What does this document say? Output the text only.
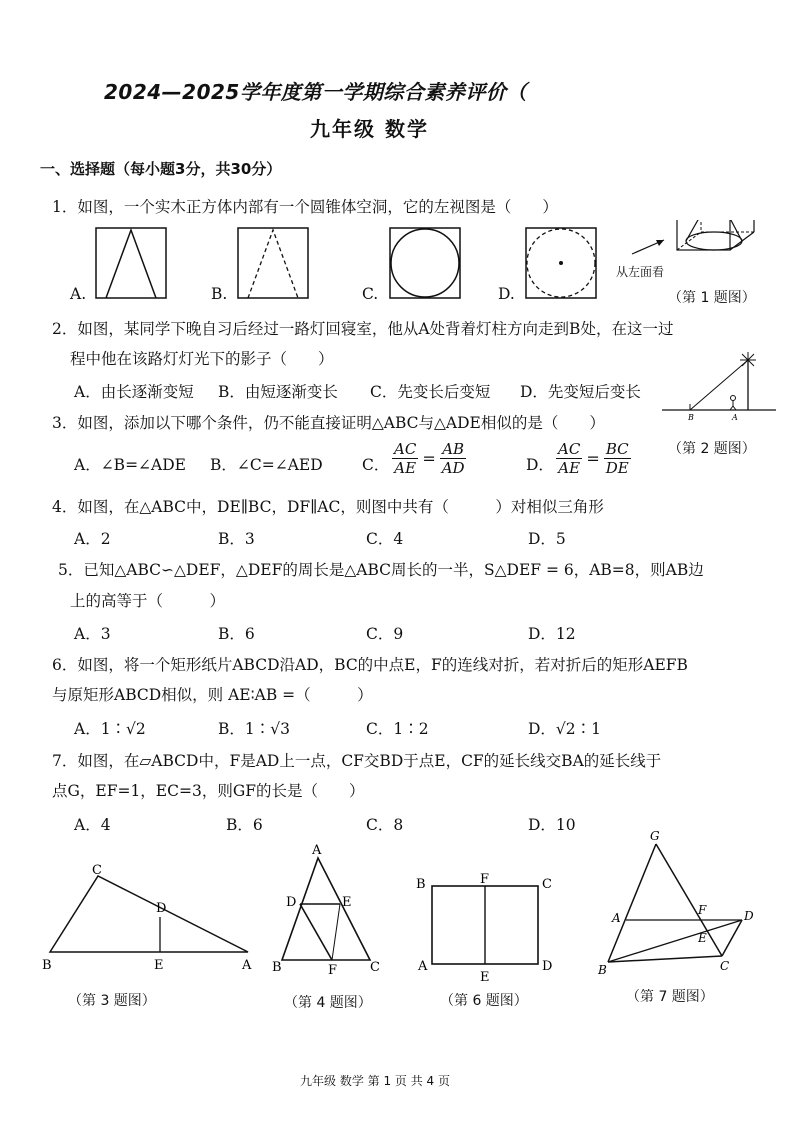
2024—2025学年度第一学期综合素养评价（
九年级 数学
一、选择题（每小题3分，共30分）
1．如图，一个实木正方体内部有一个圆锥体空洞，它的左视图是（　　）
A.	B.	C.	D.
从左面看
（第 1 题图）
2．如图，某同学下晚自习后经过一路灯回寝室，他从A处背着灯柱方向走到B处，在这一过
程中他在该路灯灯光下的影子（　　）
A．由长逐渐变短 B．由短逐渐变长 C．先变长后变短 D．先变短后变长
B	A
（第 2 题图）
3．如图，添加以下哪个条件，仍不能直接证明△ABC与△ADE相似的是（　　）
A．∠B=∠ADE B．∠C=∠AED	C． $\frac{AC}{AE} = \frac{AB}{AD}$	D． $\frac{AC}{AE} = \frac{BC}{DE}$
4．如图，在△ABC中，DE∥BC，DF∥AC，则图中共有（　　　）对相似三角形
A．2	B．3	C．4	D．5
5．已知△ABC∽△DEF，△DEF的周长是△ABC周长的一半，S△DEF = 6，AB=8，则AB边
上的高等于（　　　）
A．3	B．6	C．9	D．12
6．如图，将一个矩形纸片ABCD沿AD，BC的中点E，F的连线对折，若对折后的矩形AEFB
与原矩形ABCD相似，则 AE∶AB =（　　　）
A．1∶√2	B．1∶√3	C．1∶2	D．√2∶1
7．如图，在▱ABCD中，F是AD上一点，CF交BD于点E，CF的延长线交BA的延长线于
点G，EF=1，EC=3，则GF的长是（　　）
A．4	B．6	C．8	D．10
C
D
B	E	A
（第 3 题图）
A
D	E
B	F	C
（第 4 题图）
B	F	C
A
E
D
（第 6 题图）
G
A
F	D
E
B	C
（第 7 题图）
九年级 数学 第 1 页 共 4 页
